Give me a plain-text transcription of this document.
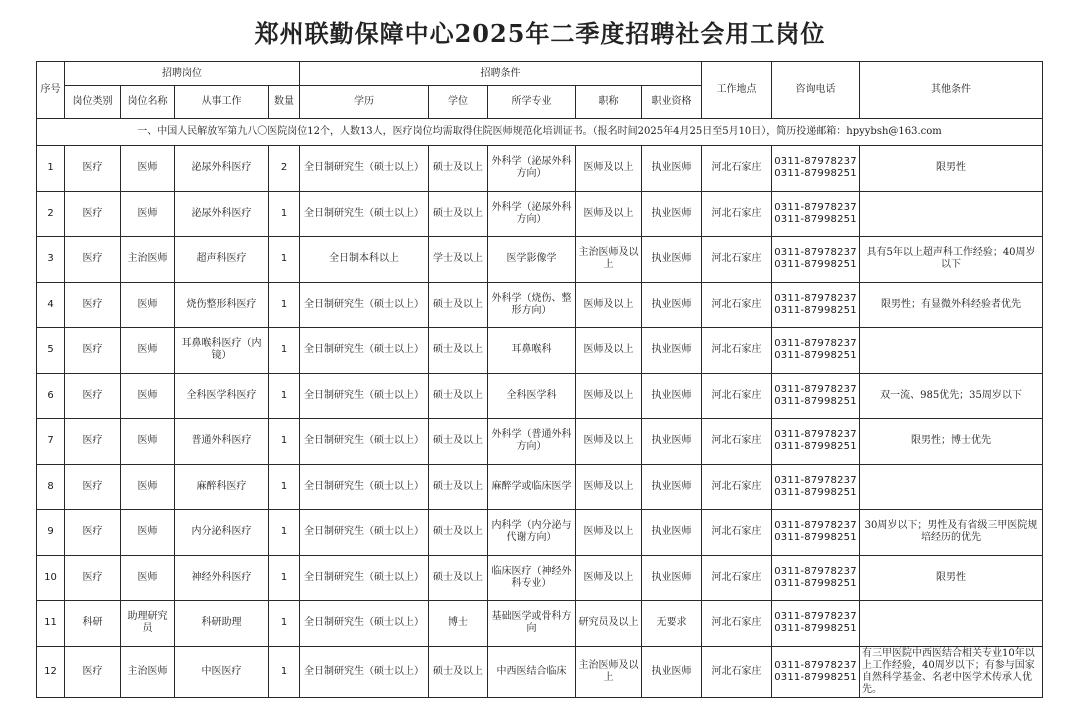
郑州联勤保障中心2025年二季度招聘社会用工岗位
序号	招聘岗位				招聘条件					工作地点	咨询电话	其他条件
	岗位类别	岗位名称	从事工作	数量	学历	学位	所学专业	职称	职业资格			
一、中国人民解放军第九八〇医院岗位12个，人数13人，医疗岗位均需取得住院医师规范化培训证书。（报名时间2025年4月25日至5月10日），简历投递邮箱：hpyybsh@163.com												
1	医疗	医师	泌尿外科医疗	2	全日制研究生（硕士以上）	硕士及以上	外科学（泌尿外科方向）	医师及以上	执业医师	河北石家庄	0311-87978237
0311-87998251	限男性
2	医疗	医师	泌尿外科医疗	1	全日制研究生（硕士以上）	硕士及以上	外科学（泌尿外科方向）	医师及以上	执业医师	河北石家庄	0311-87978237
0311-87998251	

3	医疗	主治医师	超声科医疗	1	全日制本科以上	学士及以上	医学影像学	主治医师及以上	执业医师	河北石家庄	0311-87978237
0311-87998251	具有5年以上超声科工作经验；40周岁以下
4	医疗	医师	烧伤整形科医疗	1	全日制研究生（硕士以上）	硕士及以上	外科学（烧伤、整形方向）	医师及以上	执业医师	河北石家庄	0311-87978237
0311-87998251	限男性；有显微外科经验者优先
5	医疗	医师	耳鼻喉科医疗（内镜）	1	全日制研究生（硕士以上）	硕士及以上	耳鼻喉科	医师及以上	执业医师	河北石家庄	0311-87978237
0311-87998251	

6	医疗	医师	全科医学科医疗	1	全日制研究生（硕士以上）	硕士及以上	全科医学科	医师及以上	执业医师	河北石家庄	0311-87978237
0311-87998251	双一流、985优先；35周岁以下
7	医疗	医师	普通外科医疗	1	全日制研究生（硕士以上）	硕士及以上	外科学（普通外科方向）	医师及以上	执业医师	河北石家庄	0311-87978237
0311-87998251	限男性；博士优先
8	医疗	医师	麻醉科医疗	1	全日制研究生（硕士以上）	硕士及以上	麻醉学或临床医学	医师及以上	执业医师	河北石家庄	0311-87978237
0311-87998251	

9	医疗	医师	内分泌科医疗	1	全日制研究生（硕士以上）	硕士及以上	内科学（内分泌与代谢方向）	医师及以上	执业医师	河北石家庄	0311-87978237
0311-87998251	30周岁以下；男性及有省级三甲医院规培经历的优先
10	医疗	医师	神经外科医疗	1	全日制研究生（硕士以上）	硕士及以上	临床医疗（神经外科专业）	医师及以上	执业医师	河北石家庄	0311-87978237
0311-87998251	限男性
11	科研	助理研究员	科研助理	1	全日制研究生（硕士以上）	博士	基础医学或骨科方向	研究员及以上	无要求	河北石家庄	0311-87978237
0311-87998251	

12	医疗	主治医师	中医医疗	1	全日制研究生（硕士以上）	硕士及以上	中西医结合临床	主治医师及以上	执业医师	河北石家庄	0311-87978237
0311-87998251	有三甲医院中西医结合相关专业10年以上工作经验，40周岁以下；有参与国家自然科学基金、名老中医学术传承人优先。
